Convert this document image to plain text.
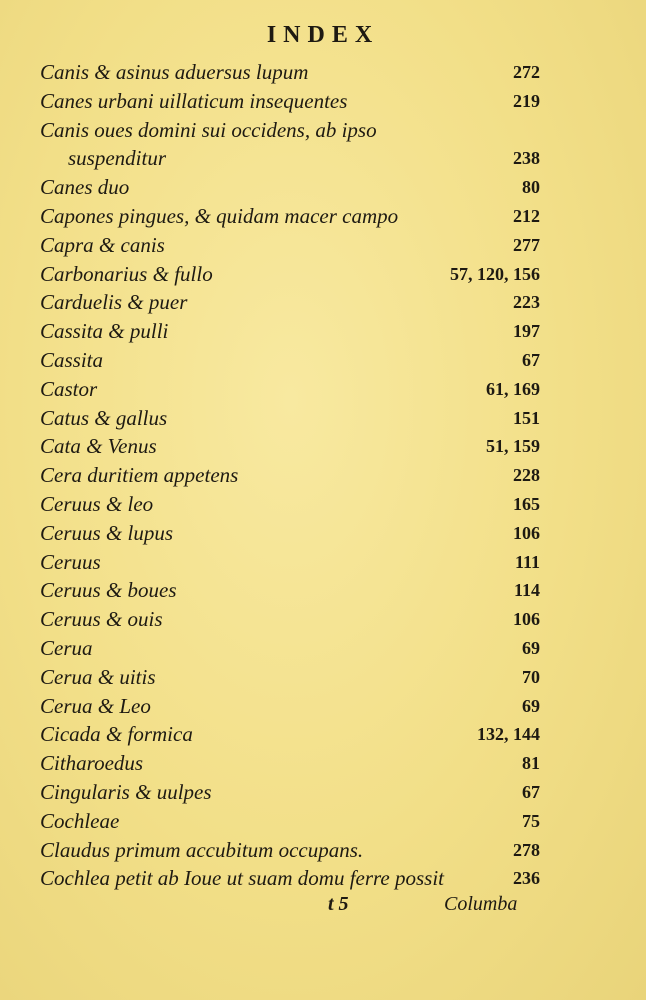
INDEX
Canis & asinus aduersus lupum	272
Canes urbani uillaticum insequentes	219
Canis oues domini sui occidens, ab ipso
suspenditur	238
Canes duo	80
Capones pingues, & quidam macer campo	212
Capra & canis	277
Carbonarius & fullo	57, 120, 156
Carduelis & puer	223
Cassita & pulli	197
Cassita	67
Castor	61, 169
Catus & gallus	151
Cata & Venus	51, 159
Cera duritiem appetens	228
Ceruus & leo	165
Ceruus & lupus	106
Ceruus	111
Ceruus & boues	114
Ceruus & ouis	106
Cerua	69
Cerua & uitis	70
Cerua & Leo	69
Cicada & formica	132, 144
Citharoedus	81
Cingularis & uulpes	67
Cochleae	75
Claudus primum accubitum occupans.	278
Cochlea petit ab Ioue ut suam domu ferre possit	236
t 5	Columba
